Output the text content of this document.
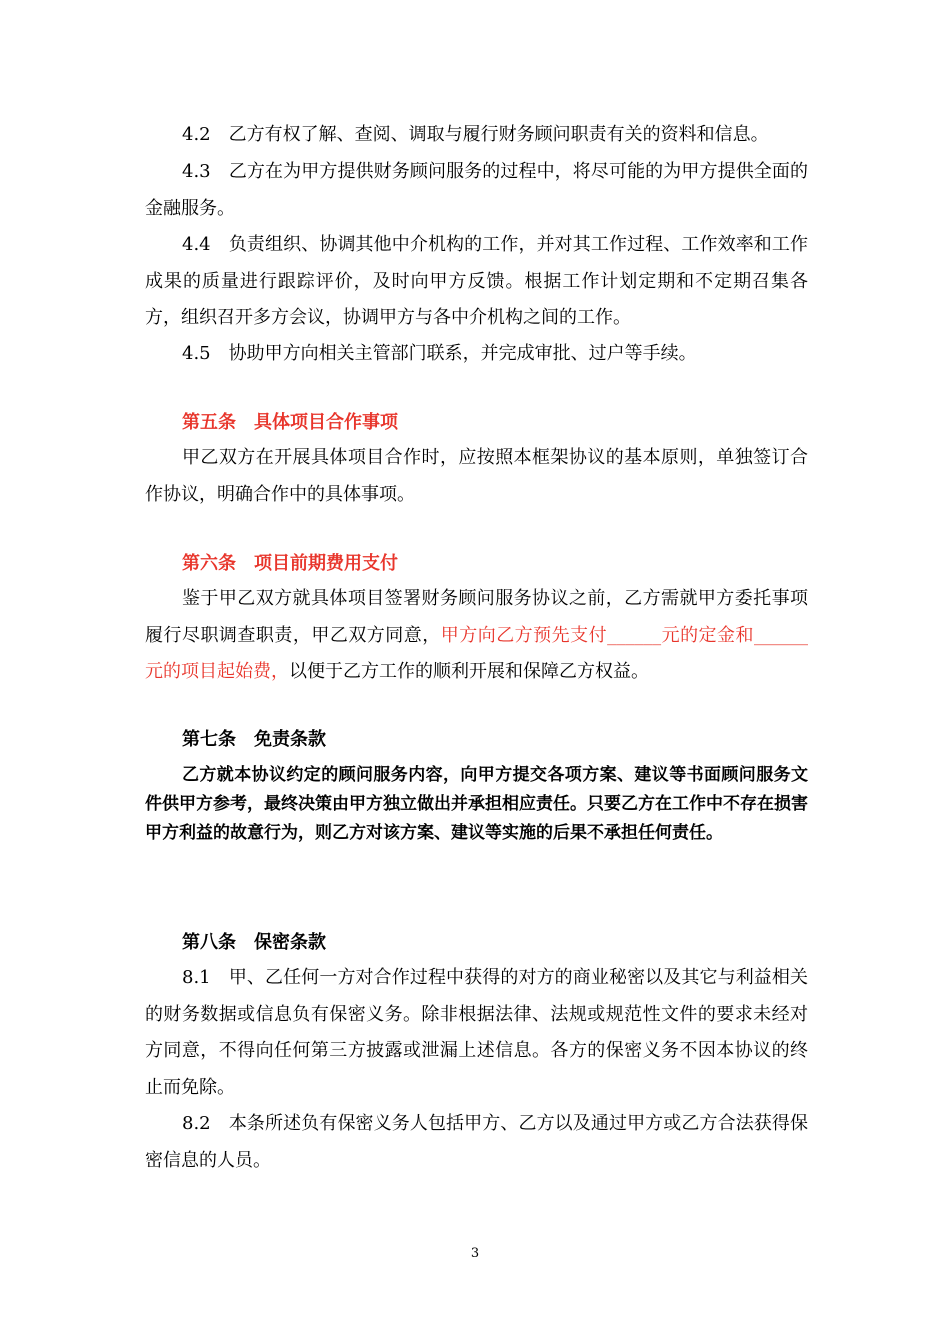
4.2　乙方有权了解、查阅、调取与履行财务顾问职责有关的资料和信息。

4.3　乙方在为甲方提供财务顾问服务的过程中，将尽可能的为甲方提供全面的金融服务。

4.4　负责组织、协调其他中介机构的工作，并对其工作过程、工作效率和工作成果的质量进行跟踪评价，及时向甲方反馈。根据工作计划定期和不定期召集各方，组织召开多方会议，协调甲方与各中介机构之间的工作。

4.5　协助甲方向相关主管部门联系，并完成审批、过户等手续。

第五条　具体项目合作事项

甲乙双方在开展具体项目合作时，应按照本框架协议的基本原则，单独签订合作协议，明确合作中的具体事项。

第六条　项目前期费用支付

鉴于甲乙双方就具体项目签署财务顾问服务协议之前，乙方需就甲方委托事项履行尽职调查职责，甲乙双方同意，甲方向乙方预先支付______元的定金和______元的项目起始费，以便于乙方工作的顺利开展和保障乙方权益。

第七条　免责条款

乙方就本协议约定的顾问服务内容，向甲方提交各项方案、建议等书面顾问服务文件供甲方参考，最终决策由甲方独立做出并承担相应责任。只要乙方在工作中不存在损害甲方利益的故意行为，则乙方对该方案、建议等实施的后果不承担任何责任。

第八条　保密条款

8.1　甲、乙任何一方对合作过程中获得的对方的商业秘密以及其它与利益相关的财务数据或信息负有保密义务。除非根据法律、法规或规范性文件的要求未经对方同意，不得向任何第三方披露或泄漏上述信息。各方的保密义务不因本协议的终止而免除。

8.2　本条所述负有保密义务人包括甲方、乙方以及通过甲方或乙方合法获得保密信息的人员。

3
